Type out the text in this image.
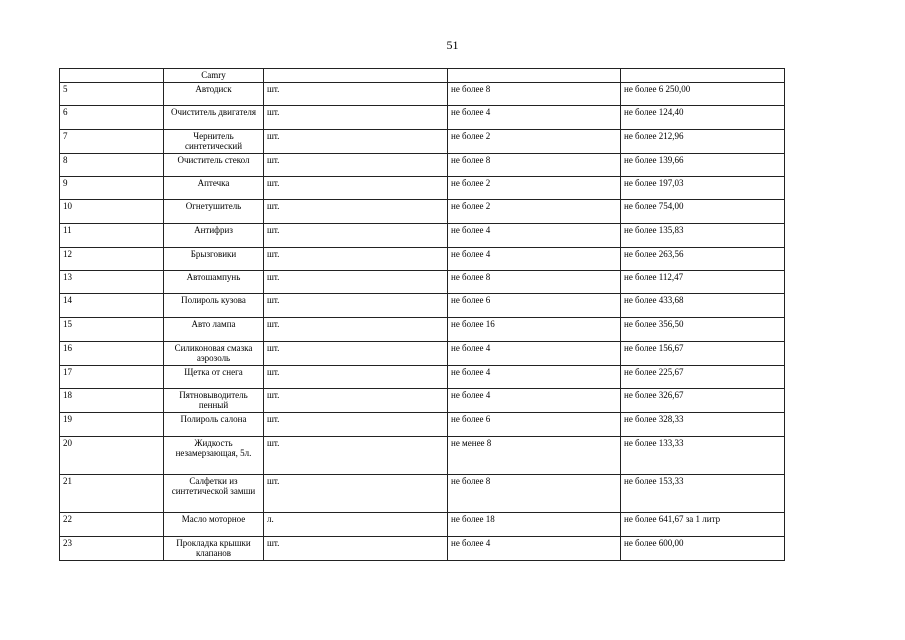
51
	Camry			
5	Автодиск	шт.	не более 8	не более 6 250,00
6	Очиститель двигателя	шт.	не более 4	не более 124,40
7	Чернитель синтетический	шт.	не более 2	не более 212,96
8	Очиститель стекол	шт.	не более 8	не более 139,66
9	Аптечка	шт.	не более 2	не более 197,03
10	Огнетушитель	шт.	не более 2	не более 754,00
11	Антифриз	шт.	не более 4	не более 135,83
12	Брызговики	шт.	не более 4	не более 263,56
13	Автошампунь	шт.	не более 8	не более 112,47
14	Полироль кузова	шт.	не более 6	не более 433,68
15	Авто лампа	шт.	не более 16	не более 356,50
16	Силиконовая смазка аэрозоль	шт.	не более 4	не более 156,67
17	Щетка от снега	шт.	не более 4	не более 225,67
18	Пятновыводитель пенный	шт.	не более 4	не более 326,67
19	Полироль салона	шт.	не более 6	не более 328,33
20	Жидкость незамерзающая, 5л.	шт.	не менее 8	не более 133,33
21	Салфетки из синтетической замши	шт.	не более 8	не более 153,33
22	Масло моторное	л.	не более 18	не более 641,67 за 1 литр
23	Прокладка крышки клапанов	шт.	не более 4	не более 600,00
